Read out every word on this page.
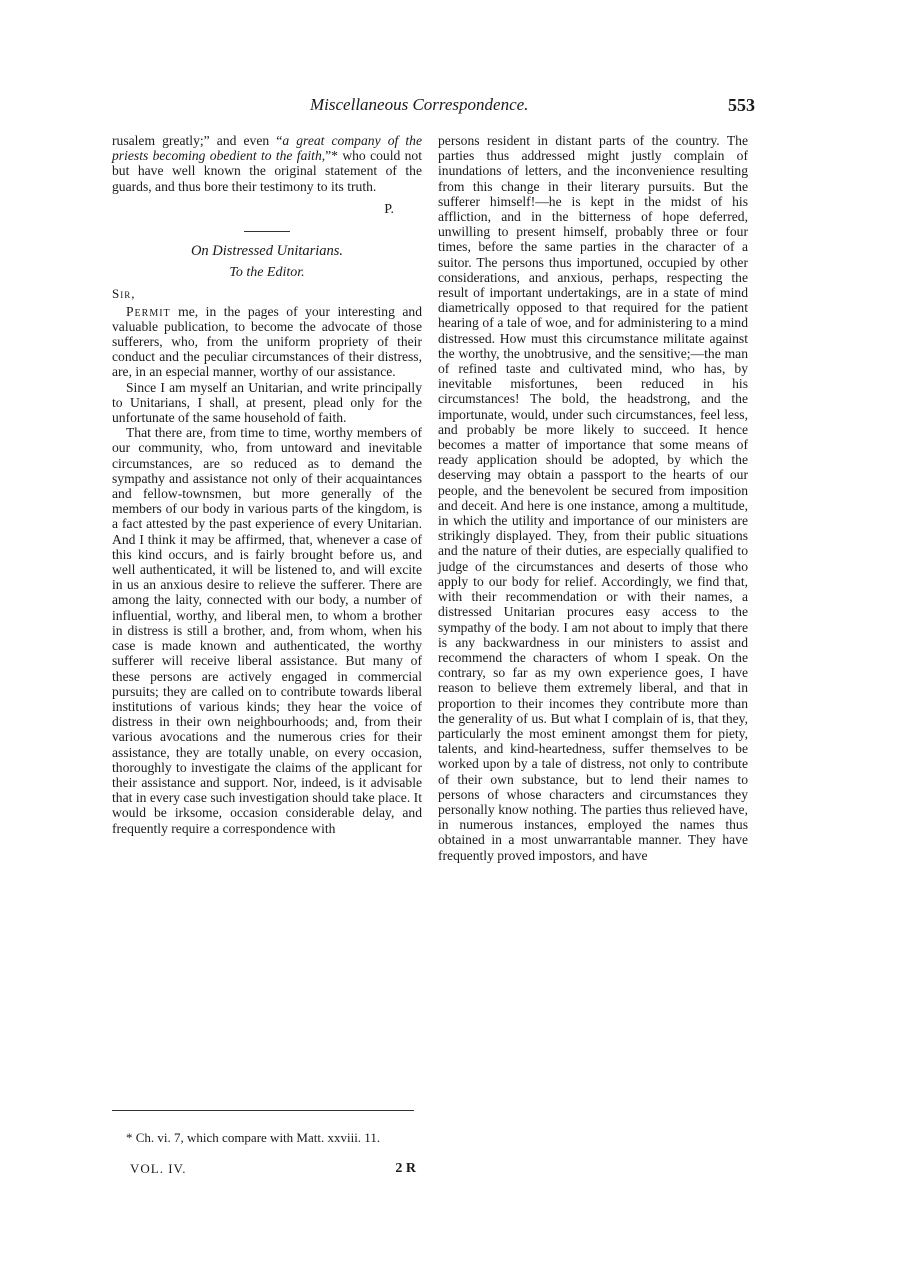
Miscellaneous Correspondence.	553

rusalem greatly;” and even “a great company of the priests becoming obedient to the faith,”* who could not but have well known the original statement of the guards, and thus bore their testimony to its truth.

P.
On Distressed Unitarians.
To the Editor.
Sir,

Permit me, in the pages of your interesting and valuable publication, to become the advocate of those sufferers, who, from the uniform propriety of their conduct and the peculiar circumstances of their distress, are, in an especial manner, worthy of our assistance.

Since I am myself an Unitarian, and write principally to Unitarians, I shall, at present, plead only for the unfortunate of the same household of faith.

That there are, from time to time, worthy members of our community, who, from untoward and inevitable circumstances, are so reduced as to demand the sympathy and assistance not only of their acquaintances and fellow-townsmen, but more generally of the members of our body in various parts of the kingdom, is a fact attested by the past experience of every Unitarian. And I think it may be affirmed, that, whenever a case of this kind occurs, and is fairly brought before us, and well authenticated, it will be listened to, and will excite in us an anxious desire to relieve the sufferer. There are among the laity, connected with our body, a number of influential, worthy, and liberal men, to whom a brother in distress is still a brother, and, from whom, when his case is made known and authenticated, the worthy sufferer will receive liberal assistance. But many of these persons are actively engaged in commercial pursuits; they are called on to contribute towards liberal institutions of various kinds; they hear the voice of distress in their own neighbourhoods; and, from their various avocations and the numerous cries for their assistance, they are totally unable, on every occasion, thoroughly to investigate the claims of the applicant for their assistance and support. Nor, indeed, is it advisable that in every case such investigation should take place. It would be irksome, occasion considerable delay, and frequently require a correspondence with

persons resident in distant parts of the country. The parties thus addressed might justly complain of inundations of letters, and the inconvenience resulting from this change in their literary pursuits. But the sufferer himself!—he is kept in the midst of his affliction, and in the bitterness of hope deferred, unwilling to present himself, probably three or four times, before the same parties in the character of a suitor. The persons thus importuned, occupied by other considerations, and anxious, perhaps, respecting the result of important undertakings, are in a state of mind diametrically opposed to that required for the patient hearing of a tale of woe, and for administering to a mind distressed. How must this circumstance militate against the worthy, the unobtrusive, and the sensitive;—the man of refined taste and cultivated mind, who has, by inevitable misfortunes, been reduced in his circumstances! The bold, the headstrong, and the importunate, would, under such circumstances, feel less, and probably be more likely to succeed. It hence becomes a matter of importance that some means of ready application should be adopted, by which the deserving may obtain a passport to the hearts of our people, and the benevolent be secured from imposition and deceit. And here is one instance, among a multitude, in which the utility and importance of our ministers are strikingly displayed. They, from their public situations and the nature of their duties, are especially qualified to judge of the circumstances and deserts of those who apply to our body for relief. Accordingly, we find that, with their recommendation or with their names, a distressed Unitarian procures easy access to the sympathy of the body. I am not about to imply that there is any backwardness in our ministers to assist and recommend the characters of whom I speak. On the contrary, so far as my own experience goes, I have reason to believe them extremely liberal, and that in proportion to their incomes they contribute more than the generality of us. But what I complain of is, that they, particularly the most eminent amongst them for piety, talents, and kind-heartedness, suffer themselves to be worked upon by a tale of distress, not only to contribute of their own substance, but to lend their names to persons of whose characters and circumstances they personally know nothing. The parties thus relieved have, in numerous instances, employed the names thus obtained in a most unwarrantable manner. They have frequently proved impostors, and have

* Ch. vi. 7, which compare with Matt. xxviii. 11.

VOL. IV.	2 R
